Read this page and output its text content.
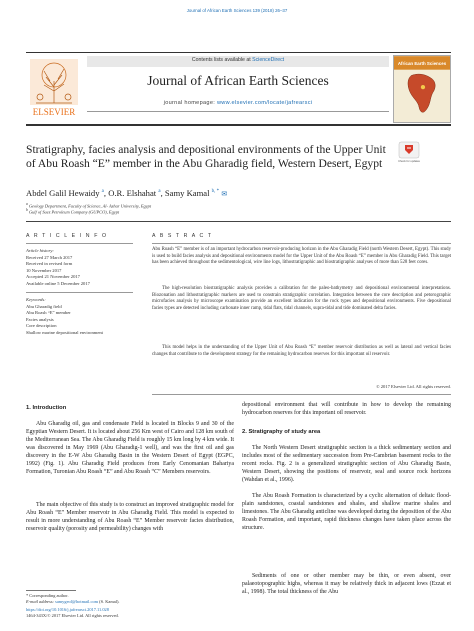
Journal of African Earth Sciences 139 (2018) 26–37
ELSEVIER
Contents lists available at ScienceDirect
Journal of African Earth Sciences
journal homepage: www.elsevier.com/locate/jafrearsci
African Earth Sciences
Stratigraphy, facies analysis and depositional environments of the Upper Unit of Abu Roash “E” member in the Abu Gharadig field, Western Desert, Egypt	Check for updates
Abdel Galil Hewaidy $^a$, O.R. Elshahat $^a$, Samy Kamal $^{b, *}$ ✉
$^a$ Geology Department, Faculty of Science, Al- Azhar University, Egypt
$^b$ Gulf of Suez Petroleum Company (GUPCO), Egypt
A R T I C L E I N F O
Article history:
Received 27 March 2017
Received in revised form
10 November 2017
Accepted 21 November 2017
Available online 5 December 2017
Keywords:
Abu Gharadig field
Abu Roash “E” member
Facies analysis
Core description
Shallow marine depositional environment
A B S T R A C T
Abu Roash “E” member is of an important hydrocarbon reservoir-producing horizon in the Abu Gharadig Field (north Western Desert, Egypt). This study is used to build facies analysis and depositional environments model for the Upper Unit of the Abu Roash “E” member in Abu Gharadig Field. This target has been achieved throughout the sedimentological, wire line logs, lithostratigraphic and biostratigraphic analyses of more than 528 feet cores.
The high-resolution biostratigraphic analysis provides a calibration for the paleo-bathymetry and depositional environmental interpretations. Biozonation and lithostratigraphic markers are used to constrain stratigraphic correlation. Integration between the core description and petorographic microfacies analysis by microscope examination provide an excellent indication for the rock types and depositional environments. Five depositional facies types are detected including carbonate inner ramp, tidal flats, tidal channels, supra-tidal and tide dominated delta facies.
This model helps in the understanding of the Upper Unit of Abu Roash “E” member reservoir distribution as well as lateral and vertical facies changes that contribute to the development strategy for the remaining hydrocarbon reserves for this important oil reservoir.
© 2017 Elsevier Ltd. All rights reserved.
1. Introduction
Abu Gharadig oil, gas and condensate Field is located in Blocks 9 and 30 of the Egyptian Western Desert. It is located about 256 Km west of Cairo and 128 km south of the Mediterranean Sea. The Abu Gharadig Field is roughly 15 km long by 4 km wide. It was discovered in May 1969 (Abu Gharadig-1 well), and was the first oil and gas discovery in the E-W Abu Gharadig Basin in the Western Desert of Egypt (EGPC, 1992) (Fig. 1). Abu Gharadig Field produces from Early Cenomanian Bahariya Formation, Turonian Abu Roash “E” and Abu Roash “C” Members reservoirs.
The main objective of this study is to construct an improved stratigraphic model for Abu Roash “E” Member reservoir in Abu Gharadig Field. This model is expected to result in more understanding of Abu Roash “E” Member reservoir facies distribution, reservoir quality (porosity and permeability) changes with
depositional environment that will contribute in how to develop the remaining hydrocarbon reserves for this important oil reservoir.
2. Stratigraphy of study area
The North Western Desert stratigraphic section is a thick sedimentary section and includes most of the sedimentary succession from Pre-Cambrian basement rocks to the recent rocks. Fig. 2 is a generalized stratigraphic section of Abu Gharadig Basin, Western Desert, showing the positions of reservoir, seal and source rock horizons (Wahdan et al., 1996).
The Abu Roash Formation is characterized by a cyclic alternation of deltaic flood-plain sandstones, coastal sandstones and shales, and shallow marine shales and limestones. The Abu Gharadig anticline was developed during the deposition of the Abu Roash Formation, and important, rapid thickness changes have taken place across the structure.
Sediments of one or other member may be thin, or even absent, over palaeotopographic highs, whereas it may be relatively thick in adjacent lows (Ezzat et al., 1998). The total thickness of the Abu
* Corresponding author.
E-mail address: samygeol@hotmail.com (S. Kamal).
https://doi.org/10.1016/j.jafrearsci.2017.11.028
1464-343X/© 2017 Elsevier Ltd. All rights reserved.
